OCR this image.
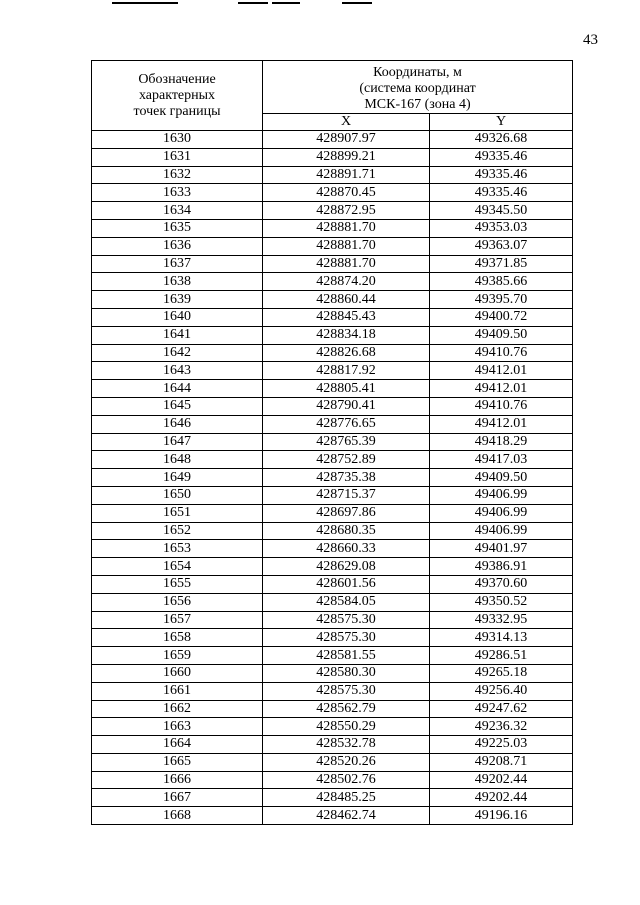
43
Обозначение
характерных
точек границы	Координаты, м
(система координат
МСК-167 (зона 4)	

	X	Y
1630	428907.97	49326.68
1631	428899.21	49335.46
1632	428891.71	49335.46
1633	428870.45	49335.46
1634	428872.95	49345.50
1635	428881.70	49353.03
1636	428881.70	49363.07
1637	428881.70	49371.85
1638	428874.20	49385.66
1639	428860.44	49395.70
1640	428845.43	49400.72
1641	428834.18	49409.50
1642	428826.68	49410.76
1643	428817.92	49412.01
1644	428805.41	49412.01
1645	428790.41	49410.76
1646	428776.65	49412.01
1647	428765.39	49418.29
1648	428752.89	49417.03
1649	428735.38	49409.50
1650	428715.37	49406.99
1651	428697.86	49406.99
1652	428680.35	49406.99
1653	428660.33	49401.97
1654	428629.08	49386.91
1655	428601.56	49370.60
1656	428584.05	49350.52
1657	428575.30	49332.95
1658	428575.30	49314.13
1659	428581.55	49286.51
1660	428580.30	49265.18
1661	428575.30	49256.40
1662	428562.79	49247.62
1663	428550.29	49236.32
1664	428532.78	49225.03
1665	428520.26	49208.71
1666	428502.76	49202.44
1667	428485.25	49202.44
1668	428462.74	49196.16
